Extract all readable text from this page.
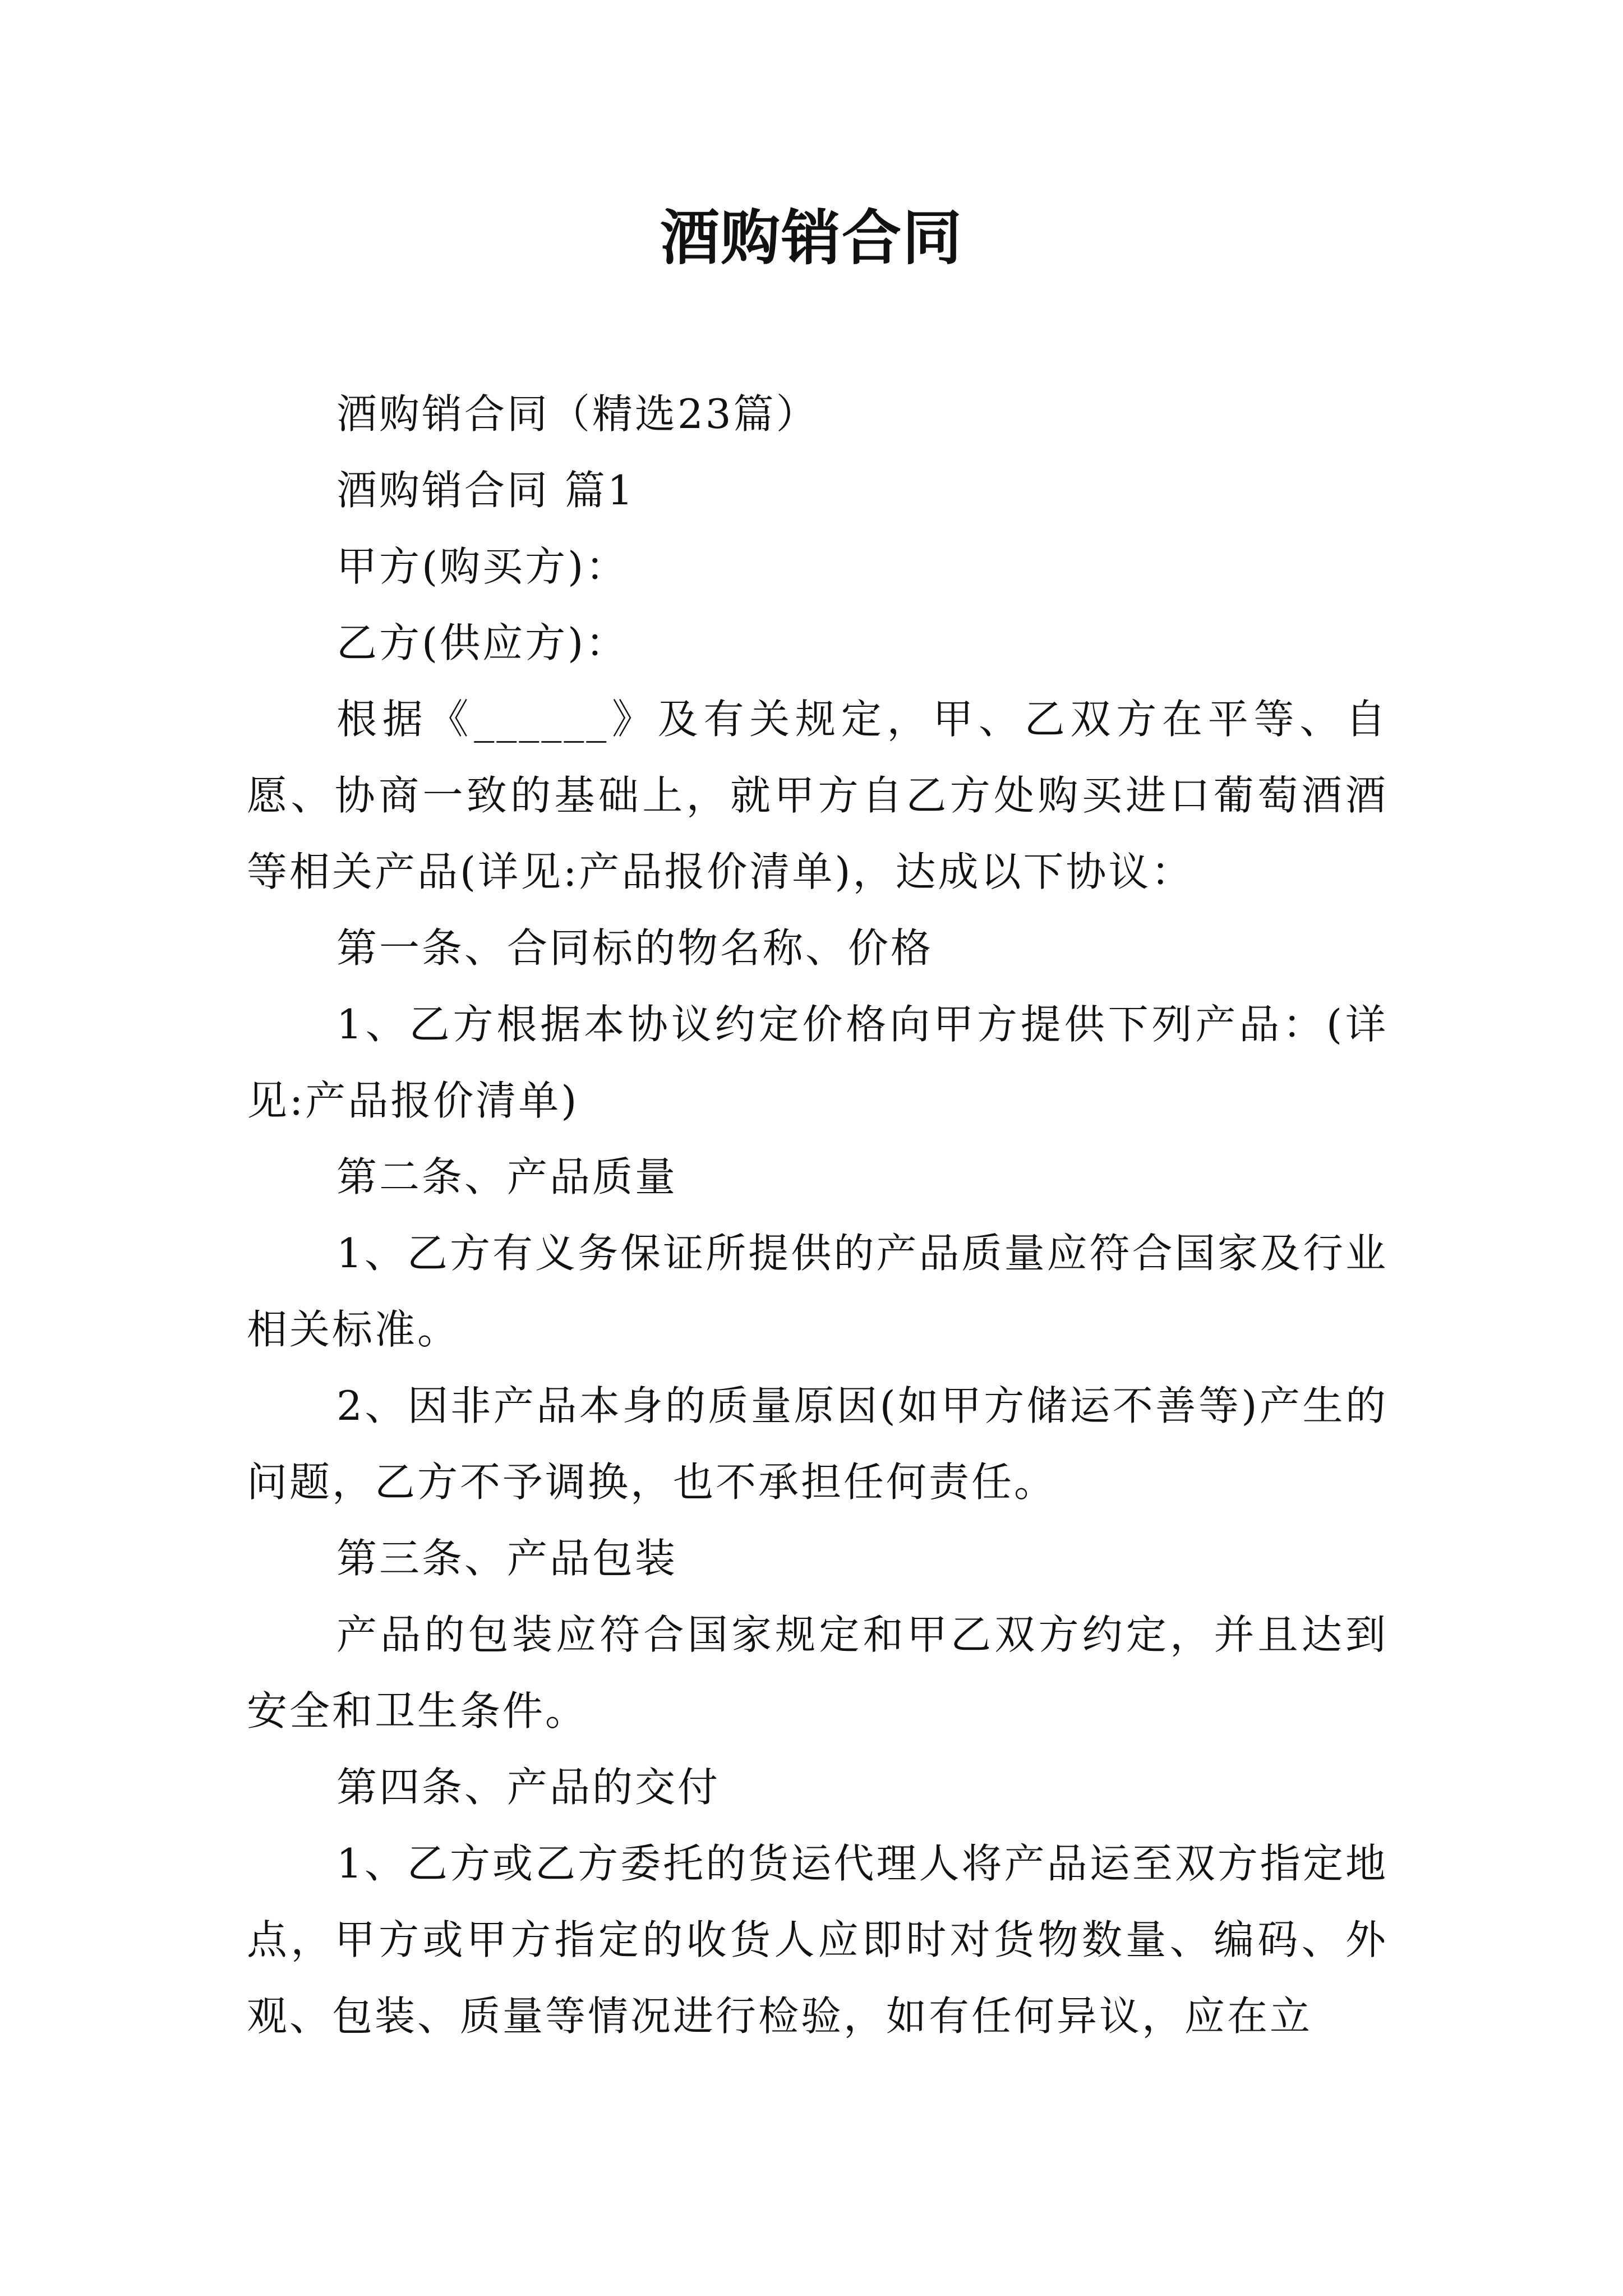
酒购销合同

酒购销合同（精选23篇）

酒购销合同 篇1

甲方(购买方)：

乙方(供应方)：

根据《______》及有关规定，甲、乙双方在平等、自愿、协商一致的基础上，就甲方自乙方处购买进口葡萄酒酒等相关产品(详见:产品报价清单)，达成以下协议：

第一条、合同标的物名称、价格

1、乙方根据本协议约定价格向甲方提供下列产品：(详见:产品报价清单)

第二条、产品质量

1、乙方有义务保证所提供的产品质量应符合国家及行业相关标准。

2、因非产品本身的质量原因(如甲方储运不善等)产生的问题，乙方不予调换，也不承担任何责任。

第三条、产品包装

产品的包装应符合国家规定和甲乙双方约定，并且达到安全和卫生条件。

第四条、产品的交付

1、乙方或乙方委托的货运代理人将产品运至双方指定地点，甲方或甲方指定的收货人应即时对货物数量、编码、外观、包装、质量等情况进行检验，如有任何异议，应在立
